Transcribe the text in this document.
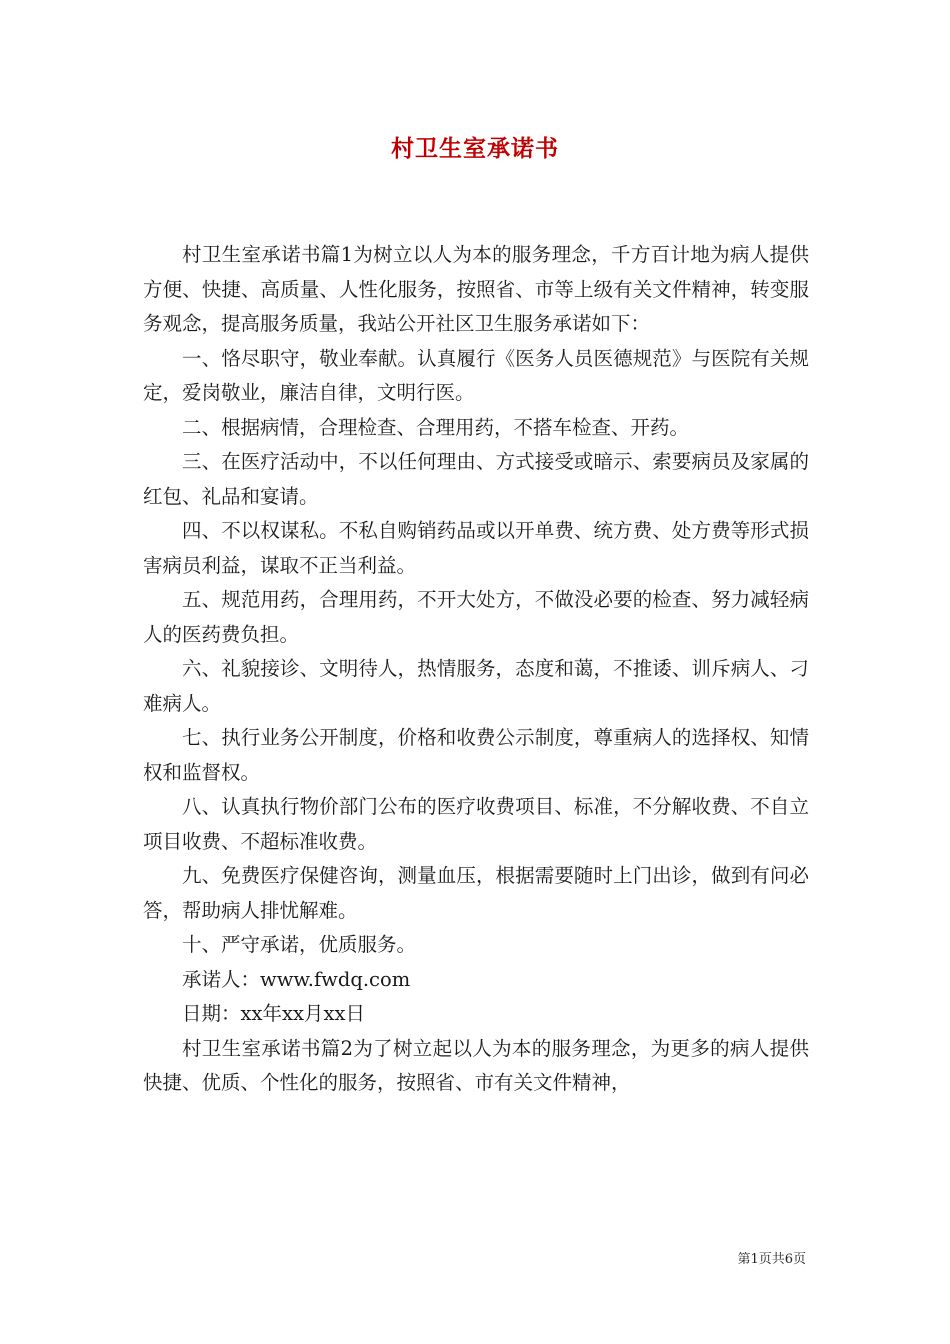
村卫生室承诺书

村卫生室承诺书篇1为树立以人为本的服务理念，千方百计地为病人提供方便、快捷、高质量、人性化服务，按照省、市等上级有关文件精神，转变服务观念，提高服务质量，我站公开社区卫生服务承诺如下：

一、恪尽职守，敬业奉献。认真履行《医务人员医德规范》与医院有关规定，爱岗敬业，廉洁自律，文明行医。

二、根据病情，合理检查、合理用药，不搭车检查、开药。

三、在医疗活动中，不以任何理由、方式接受或暗示、索要病员及家属的红包、礼品和宴请。

四、不以权谋私。不私自购销药品或以开单费、统方费、处方费等形式损害病员利益，谋取不正当利益。

五、规范用药，合理用药，不开大处方，不做没必要的检查、努力减轻病人的医药费负担。

六、礼貌接诊、文明待人，热情服务，态度和蔼，不推诿、训斥病人、刁难病人。

七、执行业务公开制度，价格和收费公示制度，尊重病人的选择权、知情权和监督权。

八、认真执行物价部门公布的医疗收费项目、标准，不分解收费、不自立项目收费、不超标准收费。

九、免费医疗保健咨询，测量血压，根据需要随时上门出诊，做到有问必答，帮助病人排忧解难。

十、严守承诺，优质服务。

承诺人：www.fwdq.com

日期：xx年xx月xx日

村卫生室承诺书篇2为了树立起以人为本的服务理念，为更多的病人提供快捷、优质、个性化的服务，按照省、市有关文件精神，

第1页共6页
